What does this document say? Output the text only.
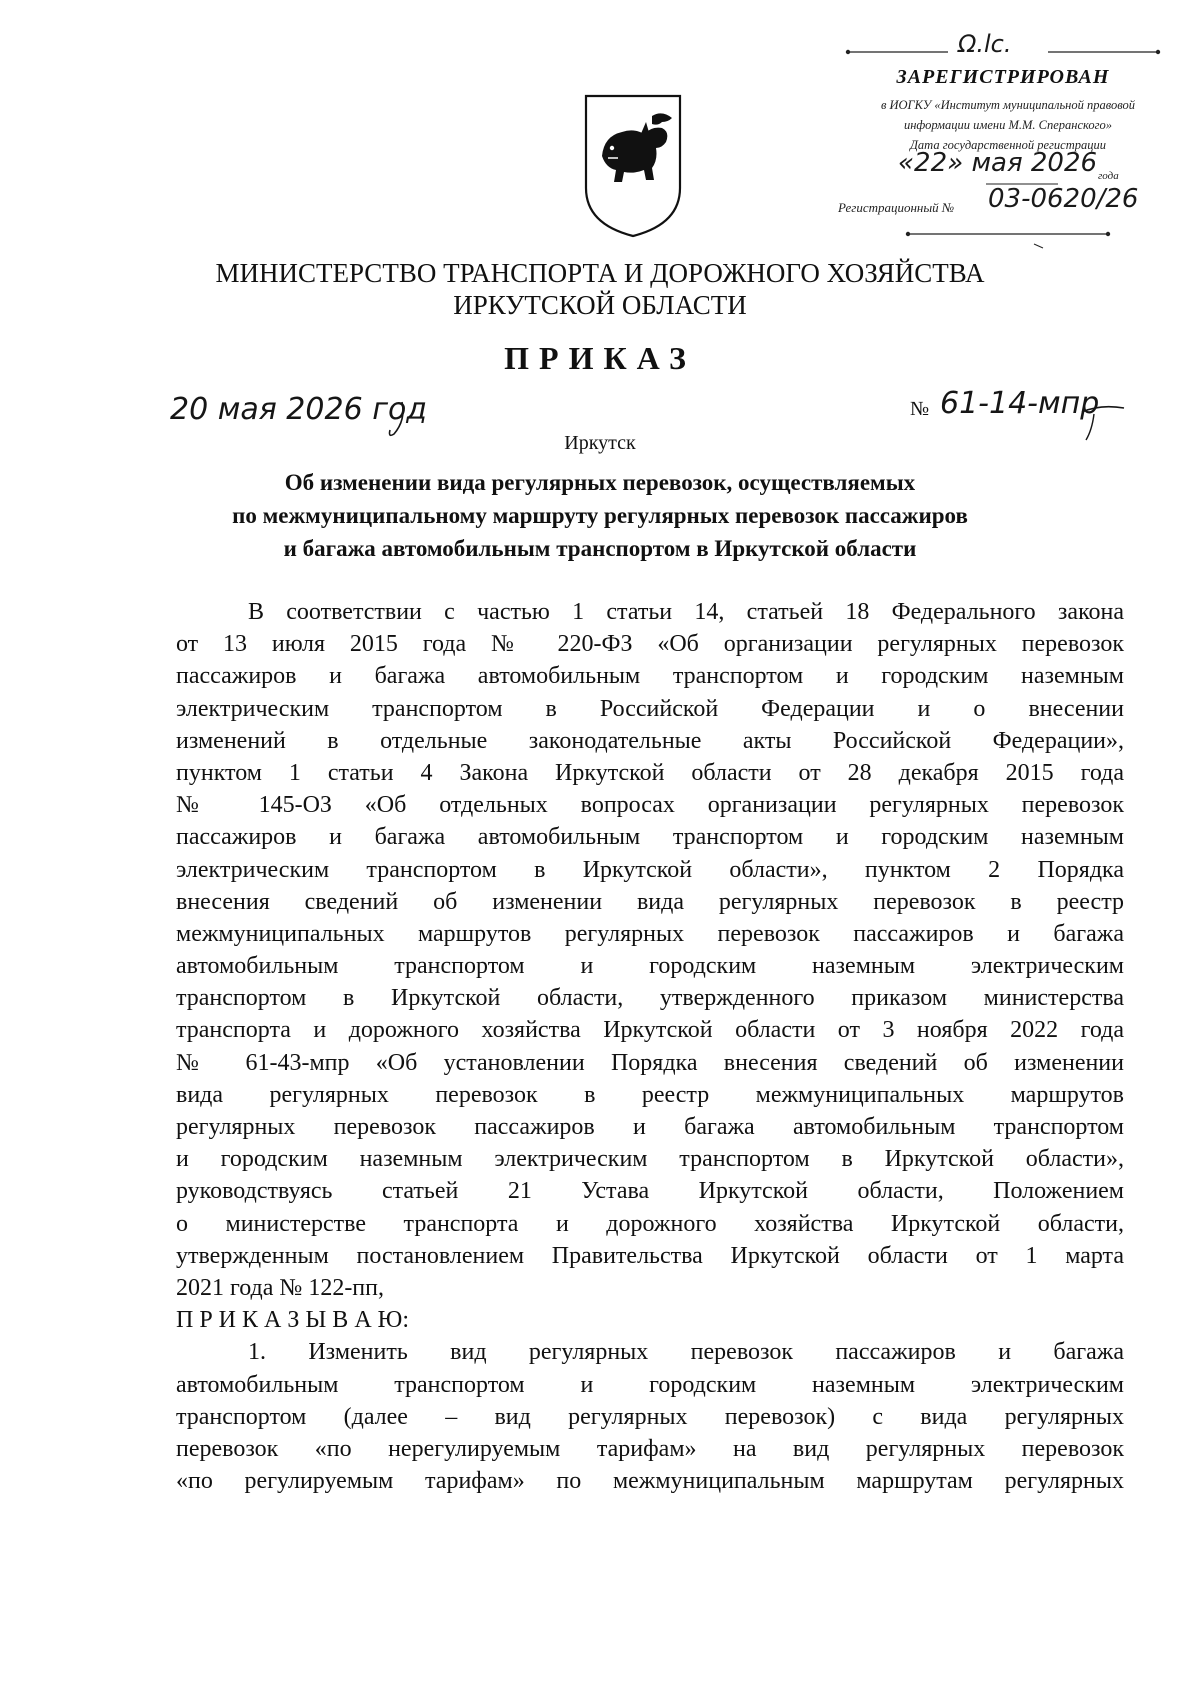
Ω.lc.
ЗАРЕГИСТРИРОВАН
в ИОГКУ «Институт муниципальной правовой
информации имени М.М. Сперанского»
Дата государственной регистрации
«22» мая 2026 года
Регистрационный №	03-0620/26
МИНИСТЕРСТВО ТРАНСПОРТА И ДОРОЖНОГО ХОЗЯЙСТВА
ИРКУТСКОЙ ОБЛАСТИ
ПРИКАЗ
20 мая 2026 год	№ 61-14-мпр
Иркутск
Об изменении вида регулярных перевозок, осуществляемых
по межмуниципальному маршруту регулярных перевозок пассажиров
и багажа автомобильным транспортом в Иркутской области
В соответствии с частью 1 статьи 14, статьей 18 Федерального закона
от 13 июля 2015 года № 220-ФЗ «Об организации регулярных перевозок
пассажиров и багажа автомобильным транспортом и городским наземным
электрическим транспортом в Российской Федерации и о внесении
изменений в отдельные законодательные акты Российской Федерации»,
пунктом 1 статьи 4 Закона Иркутской области от 28 декабря 2015 года
№ 145-ОЗ «Об отдельных вопросах организации регулярных перевозок
пассажиров и багажа автомобильным транспортом и городским наземным
электрическим транспортом в Иркутской области», пунктом 2 Порядка
внесения сведений об изменении вида регулярных перевозок в реестр
межмуниципальных маршрутов регулярных перевозок пассажиров и багажа
автомобильным транспортом и городским наземным электрическим
транспортом в Иркутской области, утвержденного приказом министерства
транспорта и дорожного хозяйства Иркутской области от 3 ноября 2022 года
№ 61-43-мпр «Об установлении Порядка внесения сведений об изменении
вида регулярных перевозок в реестр межмуниципальных маршрутов
регулярных перевозок пассажиров и багажа автомобильным транспортом
и городским наземным электрическим транспортом в Иркутской области»,
руководствуясь статьей 21 Устава Иркутской области, Положением
о министерстве транспорта и дорожного хозяйства Иркутской области,
утвержденным постановлением Правительства Иркутской области от 1 марта
2021 года № 122-пп,
П Р И К А З Ы В А Ю:
1. Изменить вид регулярных перевозок пассажиров и багажа
автомобильным транспортом и городским наземным электрическим
транспортом (далее – вид регулярных перевозок) с вида регулярных
перевозок «по нерегулируемым тарифам» на вид регулярных перевозок
«по регулируемым тарифам» по межмуниципальным маршрутам регулярных
